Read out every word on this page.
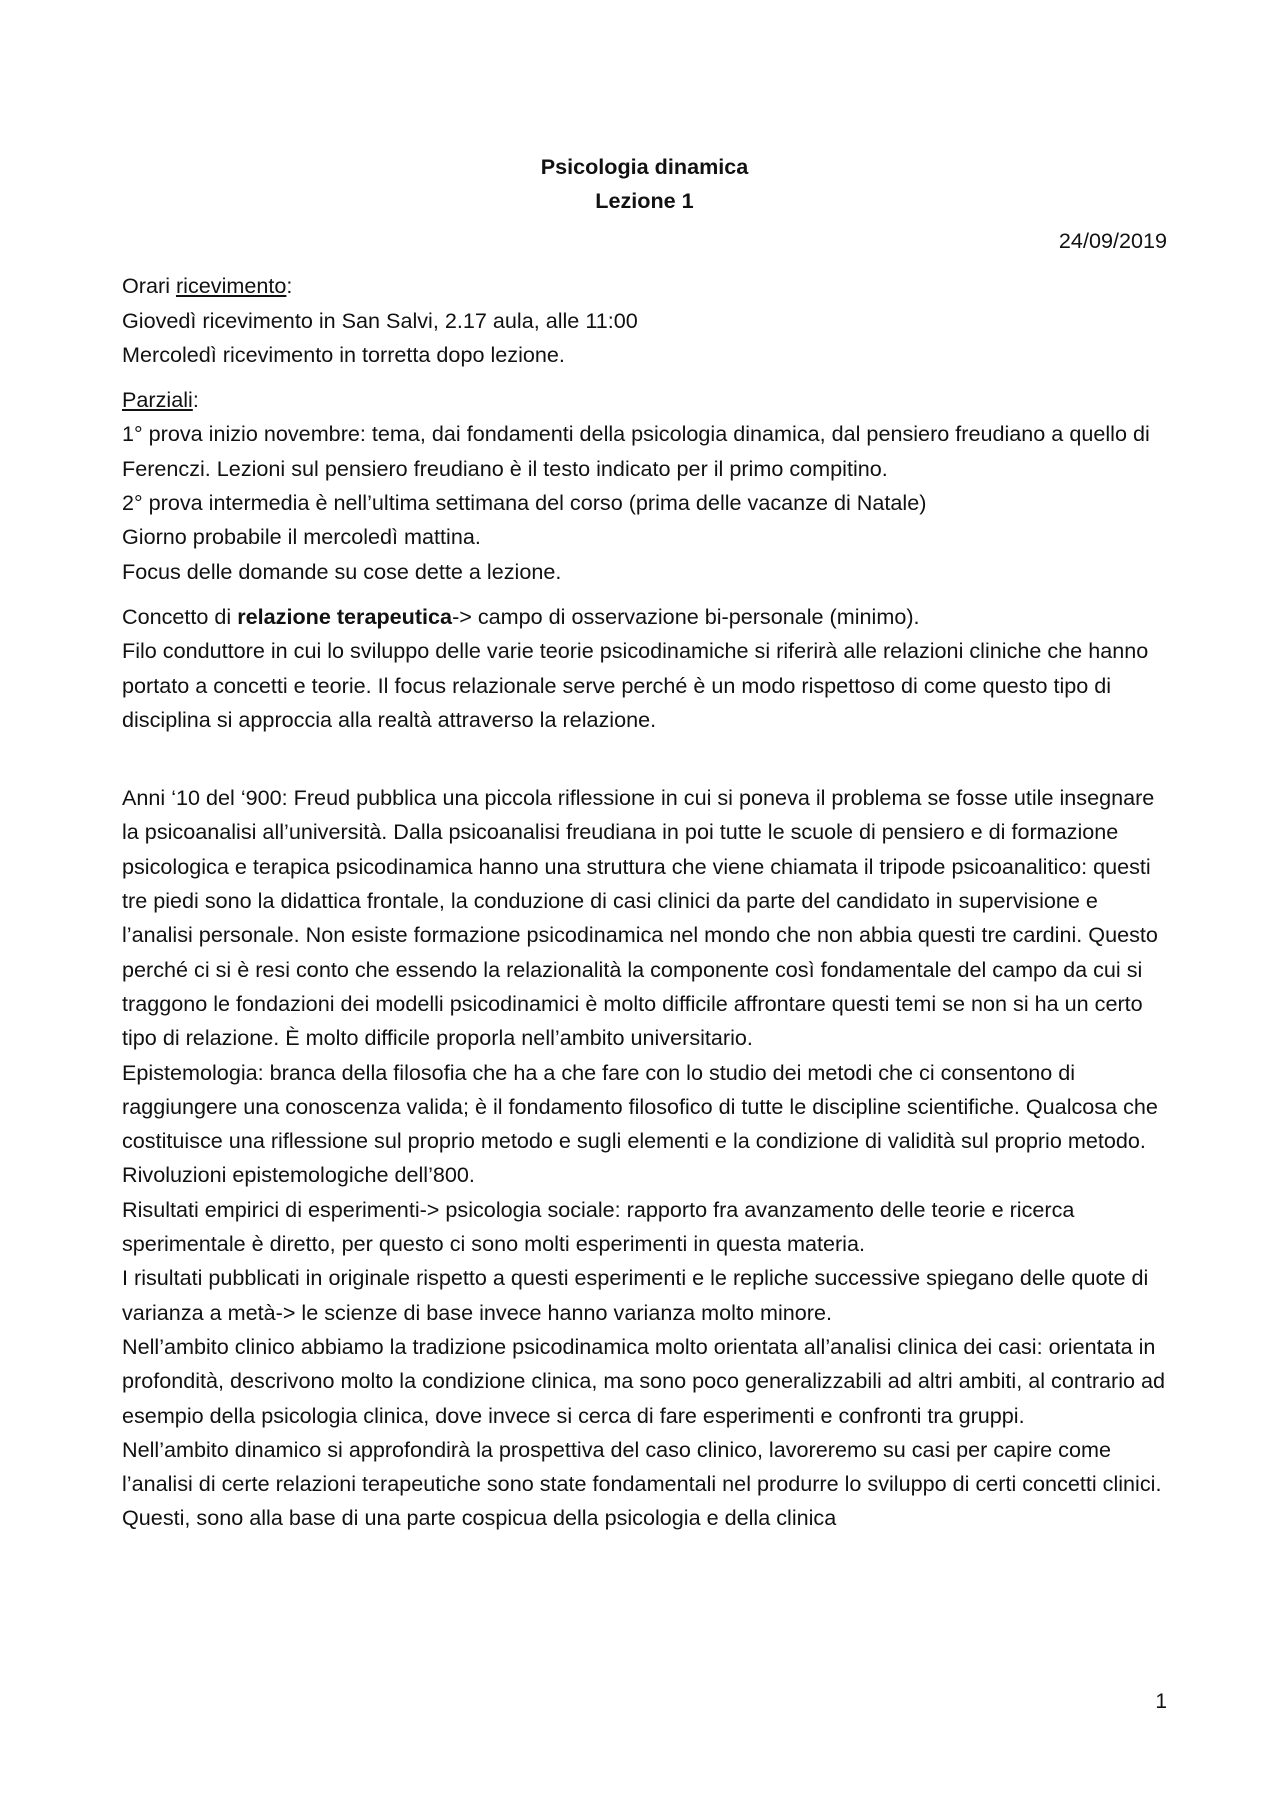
Psicologia dinamica

Lezione 1

24/09/2019

Orari ricevimento:

Giovedì ricevimento in San Salvi, 2.17 aula, alle 11:00

Mercoledì ricevimento in torretta dopo lezione.

Parziali:

1° prova inizio novembre: tema, dai fondamenti della psicologia dinamica, dal pensiero freudiano a quello di Ferenczi. Lezioni sul pensiero freudiano è il testo indicato per il primo compitino.

2° prova intermedia è nell’ultima settimana del corso (prima delle vacanze di Natale)

Giorno probabile il mercoledì mattina.

Focus delle domande su cose dette a lezione.

Concetto di relazione terapeutica-> campo di osservazione bi-personale (minimo).

Filo conduttore in cui lo sviluppo delle varie teorie psicodinamiche si riferirà alle relazioni cliniche che hanno portato a concetti e teorie. Il focus relazionale serve perché è un modo rispettoso di come questo tipo di disciplina si approccia alla realtà attraverso la relazione.

Anni ‘10 del ‘900: Freud pubblica una piccola riflessione in cui si poneva il problema se fosse utile insegnare la psicoanalisi all’università. Dalla psicoanalisi freudiana in poi tutte le scuole di pensiero e di formazione psicologica e terapica psicodinamica hanno una struttura che viene chiamata il tripode psicoanalitico: questi tre piedi sono la didattica frontale, la conduzione di casi clinici da parte del candidato in supervisione e l’analisi personale. Non esiste formazione psicodinamica nel mondo che non abbia questi tre cardini. Questo perché ci si è resi conto che essendo la relazionalità la componente così fondamentale del campo da cui si traggono le fondazioni dei modelli psicodinamici è molto difficile affrontare questi temi se non si ha un certo tipo di relazione. È molto difficile proporla nell’ambito universitario.

Epistemologia: branca della filosofia che ha a che fare con lo studio dei metodi che ci consentono di raggiungere una conoscenza valida; è il fondamento filosofico di tutte le discipline scientifiche. Qualcosa che costituisce una riflessione sul proprio metodo e sugli elementi e la condizione di validità sul proprio metodo.

Rivoluzioni epistemologiche dell’800.

Risultati empirici di esperimenti-> psicologia sociale: rapporto fra avanzamento delle teorie e ricerca sperimentale è diretto, per questo ci sono molti esperimenti in questa materia.

I risultati pubblicati in originale rispetto a questi esperimenti e le repliche successive spiegano delle quote di varianza a metà-> le scienze di base invece hanno varianza molto minore.

Nell’ambito clinico abbiamo la tradizione psicodinamica molto orientata all’analisi clinica dei casi: orientata in profondità, descrivono molto la condizione clinica, ma sono poco generalizzabili ad altri ambiti, al contrario ad esempio della psicologia clinica, dove invece si cerca di fare esperimenti e confronti tra gruppi.

Nell’ambito dinamico si approfondirà la prospettiva del caso clinico, lavoreremo su casi per capire come l’analisi di certe relazioni terapeutiche sono state fondamentali nel produrre lo sviluppo di certi concetti clinici. Questi, sono alla base di una parte cospicua della psicologia e della clinica

1
